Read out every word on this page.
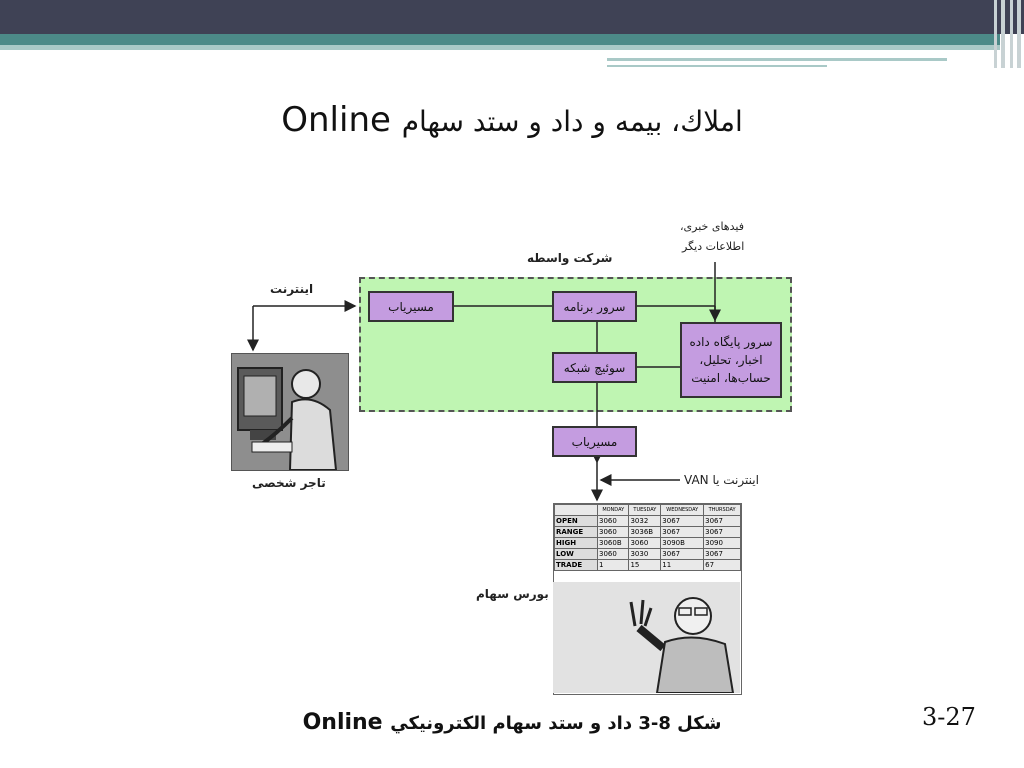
Online املاك، بيمه و داد و ستد سهام
مسیریاب	سرور برنامه
سوئیچ شبکه
سرور پایگاه داده
اخبار، تحلیل،
حساب‌ها، امنیت
مسیریاب
شرکت واسطه
اینترنت
فیدهای خبری،
اطلاعات دیگر
تاجر شخصی	اینترنت یا VAN
بورس سهام
	MONDAY	TUESDAY	WEDNESDAY	THURSDAY
OPEN	3060	3032	3067	3067
RANGE	3060	3036B	3067	3067
HIGH	3060B	3060	3090B	3090
LOW	3060	3030	3067	3067
TRADE	1	15	11	67
Online شكل 8-3 داد و ستد سهام الكترونيكي	3-27
